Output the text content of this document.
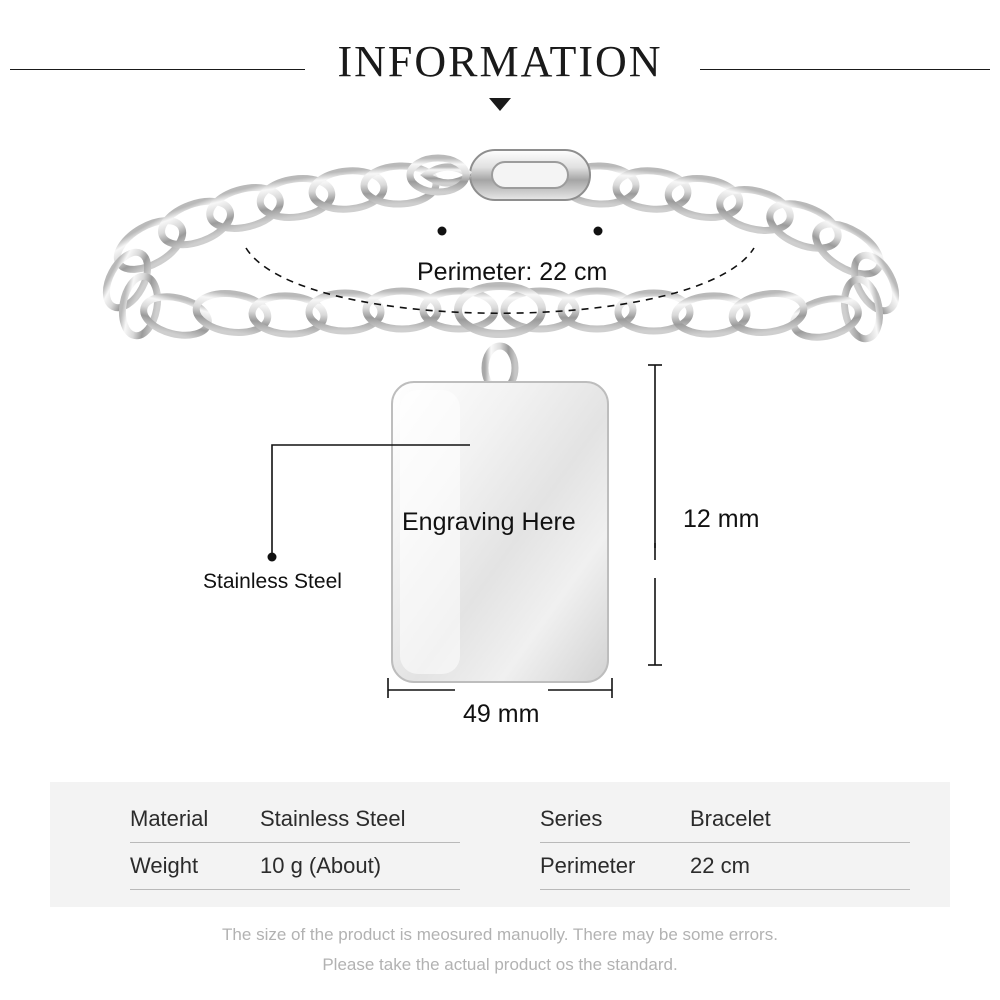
INFORMATION
Perimeter: 22 cm
Engraving Here
Stainless Steel
12 mm
49 mm
Material	Stainless Steel
Weight	10 g (About)
Series	Bracelet
Perimeter	22 cm
The size of the product is meosured manuolly. There may be some errors.
Please take the actual product os the standard.
